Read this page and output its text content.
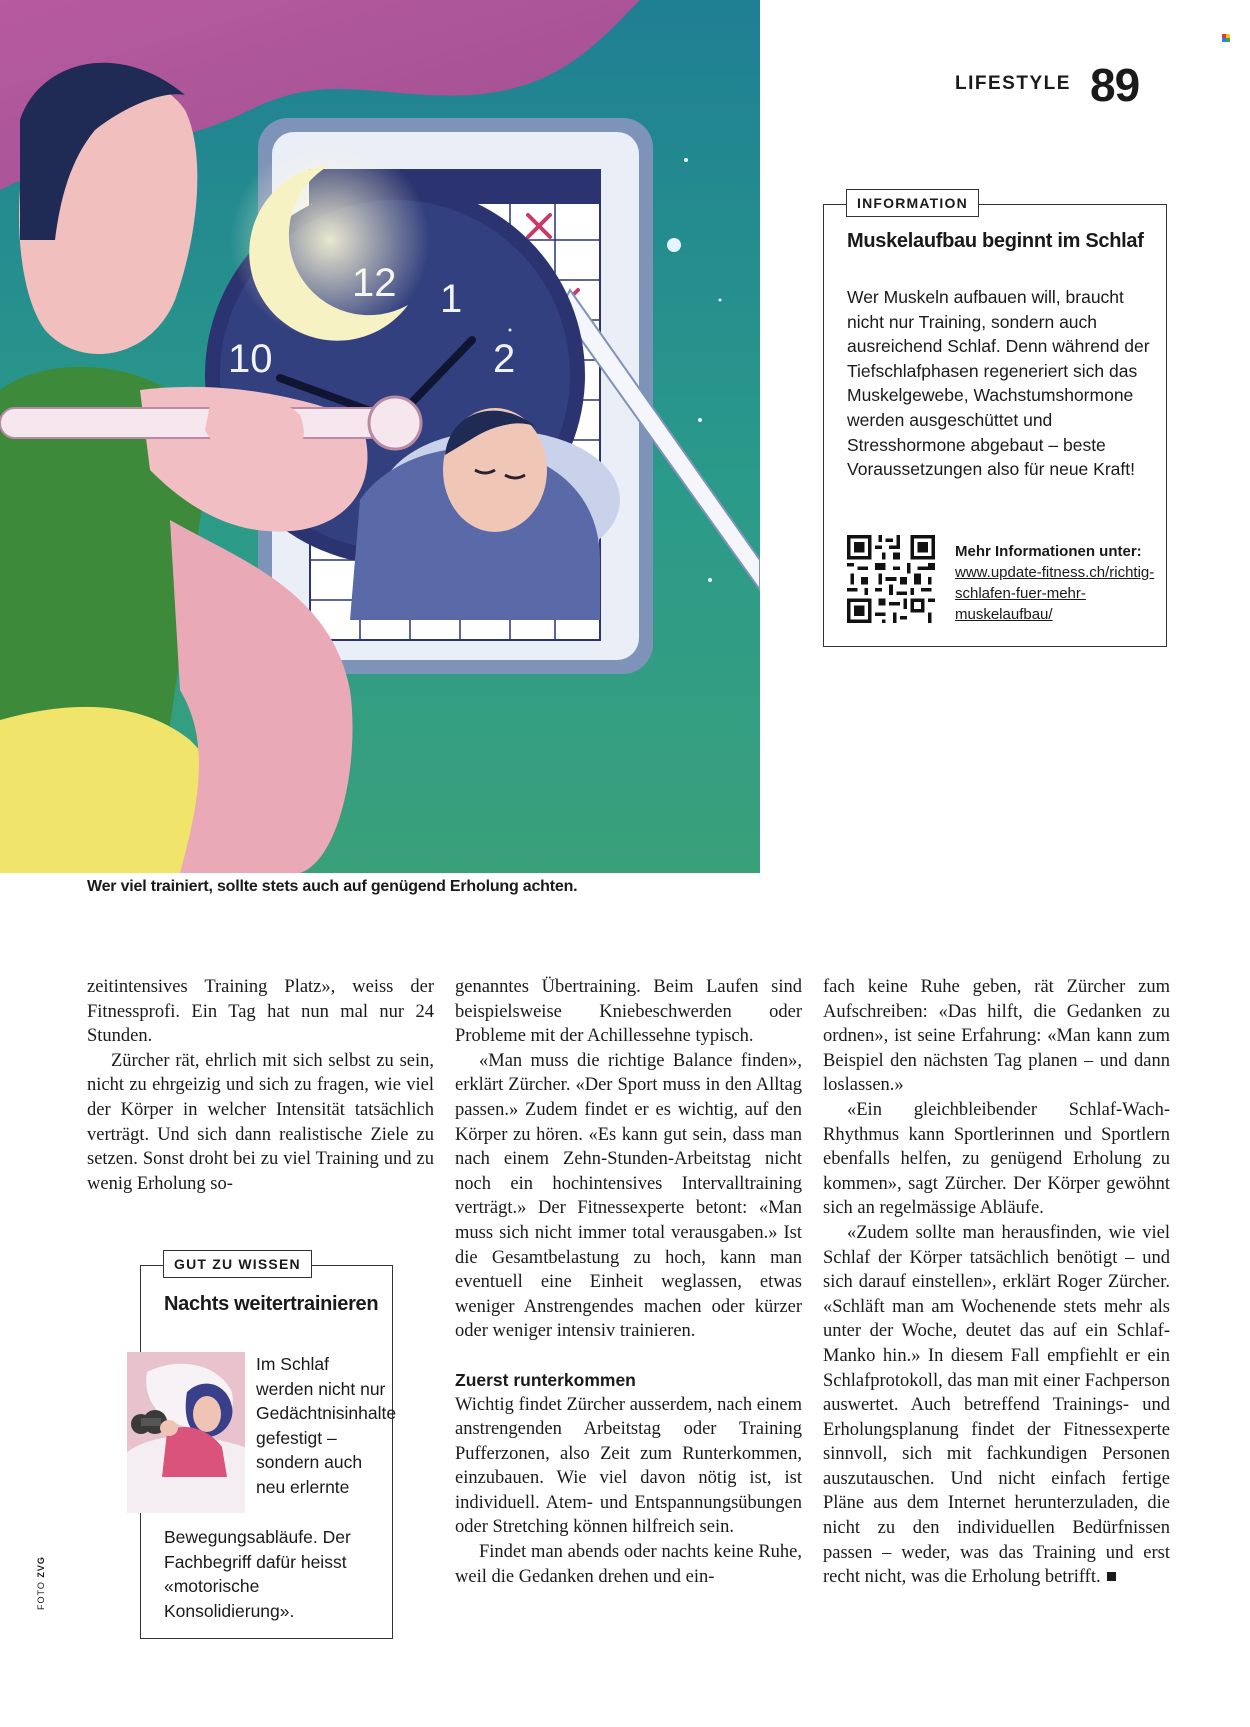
1
2
10
Wer viel trainiert, sollte stets auch auf genügend Erholung achten.
LIFESTYLE 89
INFORMATION
Muskelaufbau beginnt im Schlaf
Wer Muskeln aufbauen will, braucht nicht nur Training, sondern auch ausreichend Schlaf. Denn während der Tiefschlafphasen regeneriert sich das Muskelgewebe, Wachstumshormone werden ausgeschüttet und Stresshormone abgebaut – beste Voraussetzungen also für neue Kraft!
Mehr Informationen unter:
www.update-fitness.ch/richtig-schlafen-fuer-mehr-muskelaufbau/

zeitintensives Training Platz», weiss der Fitnessprofi. Ein Tag hat nun mal nur 24 Stunden.

Zürcher rät, ehrlich mit sich selbst zu sein, nicht zu ehrgeizig und sich zu fragen, wie viel der Körper in welcher Intensität tatsächlich verträgt. Und sich dann realistische Ziele zu setzen. Sonst droht bei zu viel Training und zu wenig Erholung so-

genanntes Übertraining. Beim Laufen sind beispielsweise Kniebeschwerden oder Probleme mit der Achillessehne typisch.

«Man muss die richtige Balance finden», erklärt Zürcher. «Der Sport muss in den Alltag passen.» Zudem findet er es wichtig, auf den Körper zu hören. «Es kann gut sein, dass man nach einem Zehn-Stunden-Arbeitstag nicht noch ein hochintensives Intervalltraining verträgt.» Der Fitnessexperte betont: «Man muss sich nicht immer total verausgaben.» Ist die Gesamtbelastung zu hoch, kann man eventuell eine Einheit weglassen, etwas weniger Anstrengendes machen oder kürzer oder weniger intensiv trainieren.

Zuerst runterkommen

Wichtig findet Zürcher ausserdem, nach einem anstrengenden Arbeitstag oder Training Pufferzonen, also Zeit zum Runterkommen, einzubauen. Wie viel davon nötig ist, ist individuell. Atem- und Entspannungsübungen oder Stretching können hilfreich sein.

Findet man abends oder nachts keine Ruhe, weil die Gedanken drehen und ein-

fach keine Ruhe geben, rät Zürcher zum Aufschreiben: «Das hilft, die Gedanken zu ordnen», ist seine Erfahrung: «Man kann zum Beispiel den nächsten Tag planen – und dann loslassen.»

«Ein gleichbleibender Schlaf-Wach-Rhythmus kann Sportlerinnen und Sportlern ebenfalls helfen, zu genügend Erholung zu kommen», sagt Zürcher. Der Körper gewöhnt sich an regelmässige Abläufe.

«Zudem sollte man herausfinden, wie viel Schlaf der Körper tatsächlich benötigt – und sich darauf einstellen», erklärt Roger Zürcher. «Schläft man am Wochenende stets mehr als unter der Woche, deutet das auf ein Schlaf-Manko hin.» In diesem Fall empfiehlt er ein Schlafprotokoll, das man mit einer Fachperson auswertet. Auch betreffend Trainings- und Erholungsplanung findet der Fitnessexperte sinnvoll, sich mit fachkundigen Personen auszutauschen. Und nicht einfach fertige Pläne aus dem Internet herunterzuladen, die nicht zu den individuellen Bedürfnissen passen – weder, was das Training und erst recht nicht, was die Erholung betrifft.

GUT ZU WISSEN
Nachts weitertrainieren
Im Schlaf werden nicht nur Gedächtnisinhalte gefestigt – sondern auch neu erlernte
Bewegungsabläufe. Der Fachbegriff dafür heisst «motorische Konsolidierung».
FOTO ZVG
